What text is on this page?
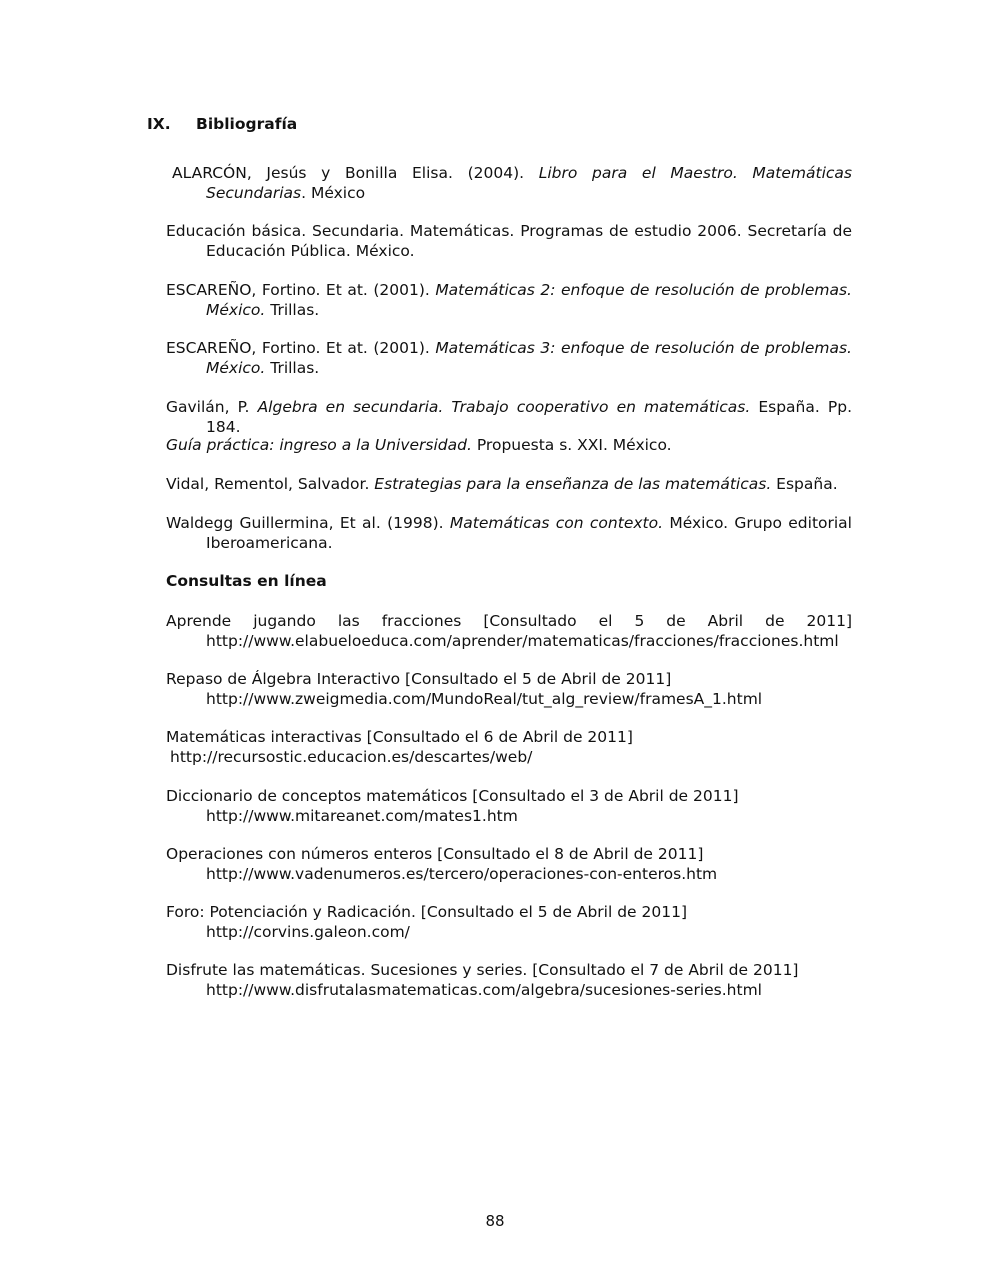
IX. Bibliografía
ALARCÓN, Jesús y Bonilla Elisa. (2004). Libro para el Maestro. Matemáticas Secundarias. México
Educación básica. Secundaria. Matemáticas. Programas de estudio 2006. Secretaría de Educación Pública. México.
ESCAREÑO, Fortino. Et at. (2001). Matemáticas 2: enfoque de resolución de problemas. México. Trillas.
ESCAREÑO, Fortino. Et at. (2001). Matemáticas 3: enfoque de resolución de problemas. México. Trillas.
Gavilán, P. Algebra en secundaria. Trabajo cooperativo en matemáticas. España. Pp. 184.
Guía práctica: ingreso a la Universidad. Propuesta s. XXI. México.
Vidal, Rementol, Salvador. Estrategias para la enseñanza de las matemáticas. España.
Waldegg Guillermina, Et al. (1998). Matemáticas con contexto. México. Grupo editorial Iberoamericana.
Consultas en línea
Aprende jugando las fracciones [Consultado el 5 de Abril de 2011]
http://www.elabueloeduca.com/aprender/matematicas/fracciones/fracciones.html
Repaso de Álgebra Interactivo [Consultado el 5 de Abril de 2011]
http://www.zweigmedia.com/MundoReal/tut_alg_review/framesA_1.html
Matemáticas interactivas [Consultado el 6 de Abril de 2011]
http://recursostic.educacion.es/descartes/web/
Diccionario de conceptos matemáticos [Consultado el 3 de Abril de 2011]
http://www.mitareanet.com/mates1.htm
Operaciones con números enteros [Consultado el 8 de Abril de 2011]
http://www.vadenumeros.es/tercero/operaciones-con-enteros.htm
Foro: Potenciación y Radicación. [Consultado el 5 de Abril de 2011]
http://corvins.galeon.com/
Disfrute las matemáticas. Sucesiones y series. [Consultado el 7 de Abril de 2011]
http://www.disfrutalasmatematicas.com/algebra/sucesiones-series.html
88
